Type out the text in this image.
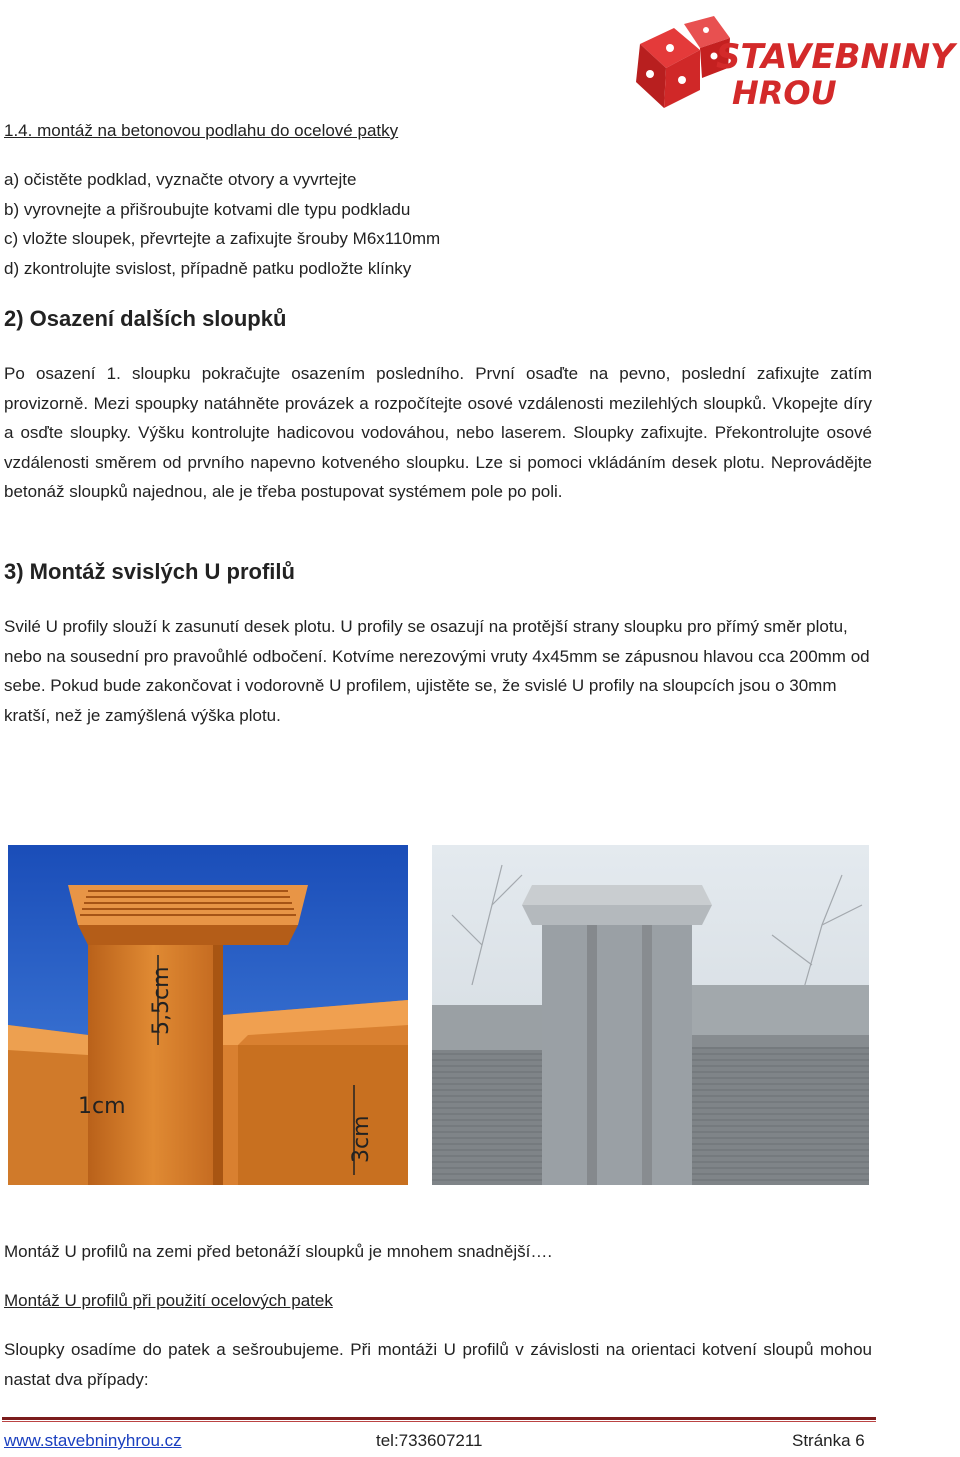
STAVEBNINY
HROU
1.4. montáž na betonovou podlahu do ocelové patky
a) očistěte podklad, vyznačte otvory a vyvrtejte
b) vyrovnejte a přišroubujte kotvami dle typu podkladu
c) vložte sloupek, převrtejte a zafixujte šrouby M6x110mm
d) zkontrolujte svislost, případně patku podložte klínky
2) Osazení dalších sloupků
Po osazení 1. sloupku pokračujte osazením posledního. První osaďte na pevno, poslední zafixujte zatím provizorně. Mezi spoupky natáhněte provázek a rozpočítejte osové vzdálenosti mezilehlých sloupků. Vkopejte díry a osďte sloupky. Výšku kontrolujte hadicovou vodováhou, nebo laserem. Sloupky zafixujte. Překontrolujte osové vzdálenosti směrem od prvního napevno kotveného sloupku. Lze si pomoci vkládáním desek plotu. Neprovádějte betonáž sloupků najednou, ale je třeba postupovat systémem pole po poli.
3) Montáž svislých U profilů
Svilé U profily slouží k zasunutí desek plotu. U profily se osazují na protější strany sloupku pro přímý směr plotu, nebo na sousední pro pravoůhlé odbočení. Kotvíme nerezovými vruty 4x45mm se zápusnou hlavou cca 200mm od sebe. Pokud bude zakončovat i vodorovně U profilem, ujistěte se, že svislé U profily na sloupcích jsou o 30mm kratší, než je zamýšlená výška plotu.
5,5cm
1cm
3cm
Montáž U profilů na zemi před betonáží sloupků je mnohem snadnější….
Montáž U profilů při použití ocelových patek
Sloupky osadíme do patek a sešroubujeme. Při montáži U profilů v závislosti na orientaci kotvení sloupů mohou nastat dva případy:
www.stavebninyhrou.cz	tel:733607211	Stránka 6
